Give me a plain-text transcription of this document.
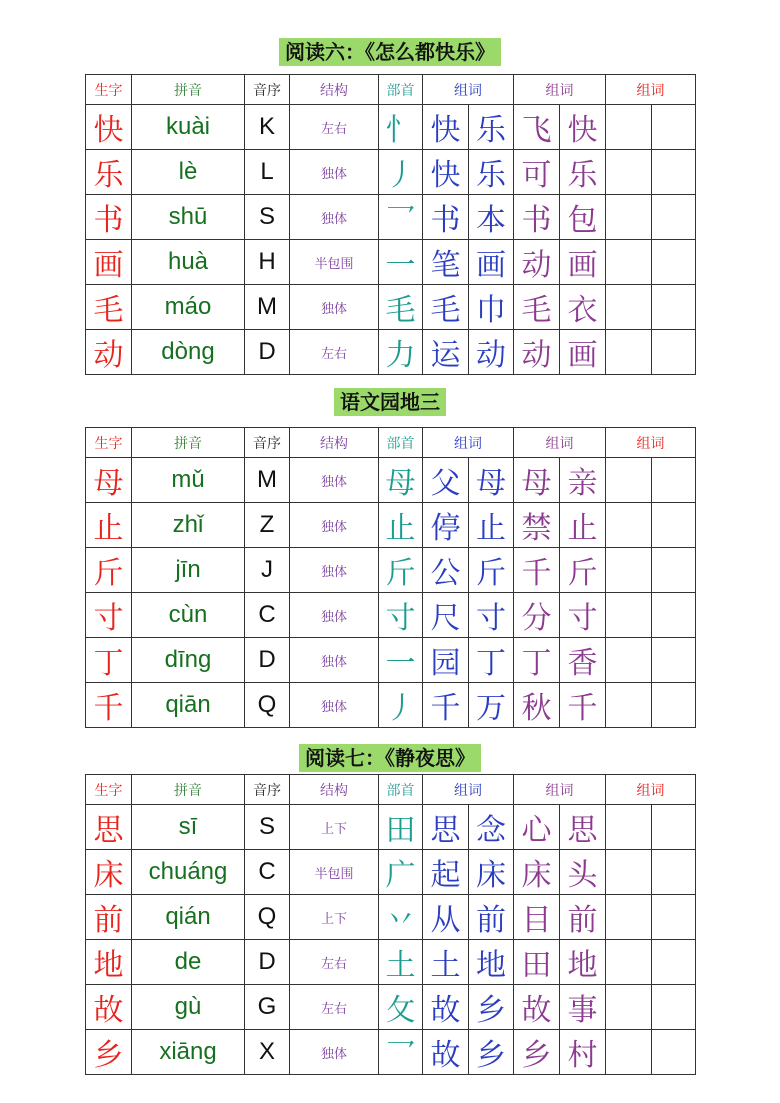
阅读六：《怎么都快乐》
生字	拼音	音序	结构	部首	组词		组词		组词	
快	kuài	K	左右	忄	快	乐	飞	快		
乐	lè	L	独体	丿	快	乐	可	乐		
书	shū	S	独体	乛	书	本	书	包		
画	huà	H	半包围	一	笔	画	动	画		
毛	máo	M	独体	毛	毛	巾	毛	衣		
动	dòng	D	左右	力	运	动	动	画		
语文园地三
生字	拼音	音序	结构	部首	组词		组词		组词	
母	mǔ	M	独体	母	父	母	母	亲		
止	zhǐ	Z	独体	止	停	止	禁	止		
斤	jīn	J	独体	斤	公	斤	千	斤		
寸	cùn	C	独体	寸	尺	寸	分	寸		
丁	dīng	D	独体	一	园	丁	丁	香		
千	qiān	Q	独体	丿	千	万	秋	千		
阅读七：《静夜思》
生字	拼音	音序	结构	部首	组词		组词		组词	
思	sī	S	上下	田	思	念	心	思		
床	chuáng	C	半包围	广	起	床	床	头		
前	qián	Q	上下	丷	从	前	目	前		
地	de	D	左右	土	土	地	田	地		
故	gù	G	左右	攵	故	乡	故	事		
乡	xiāng	X	独体	乛	故	乡	乡	村		
